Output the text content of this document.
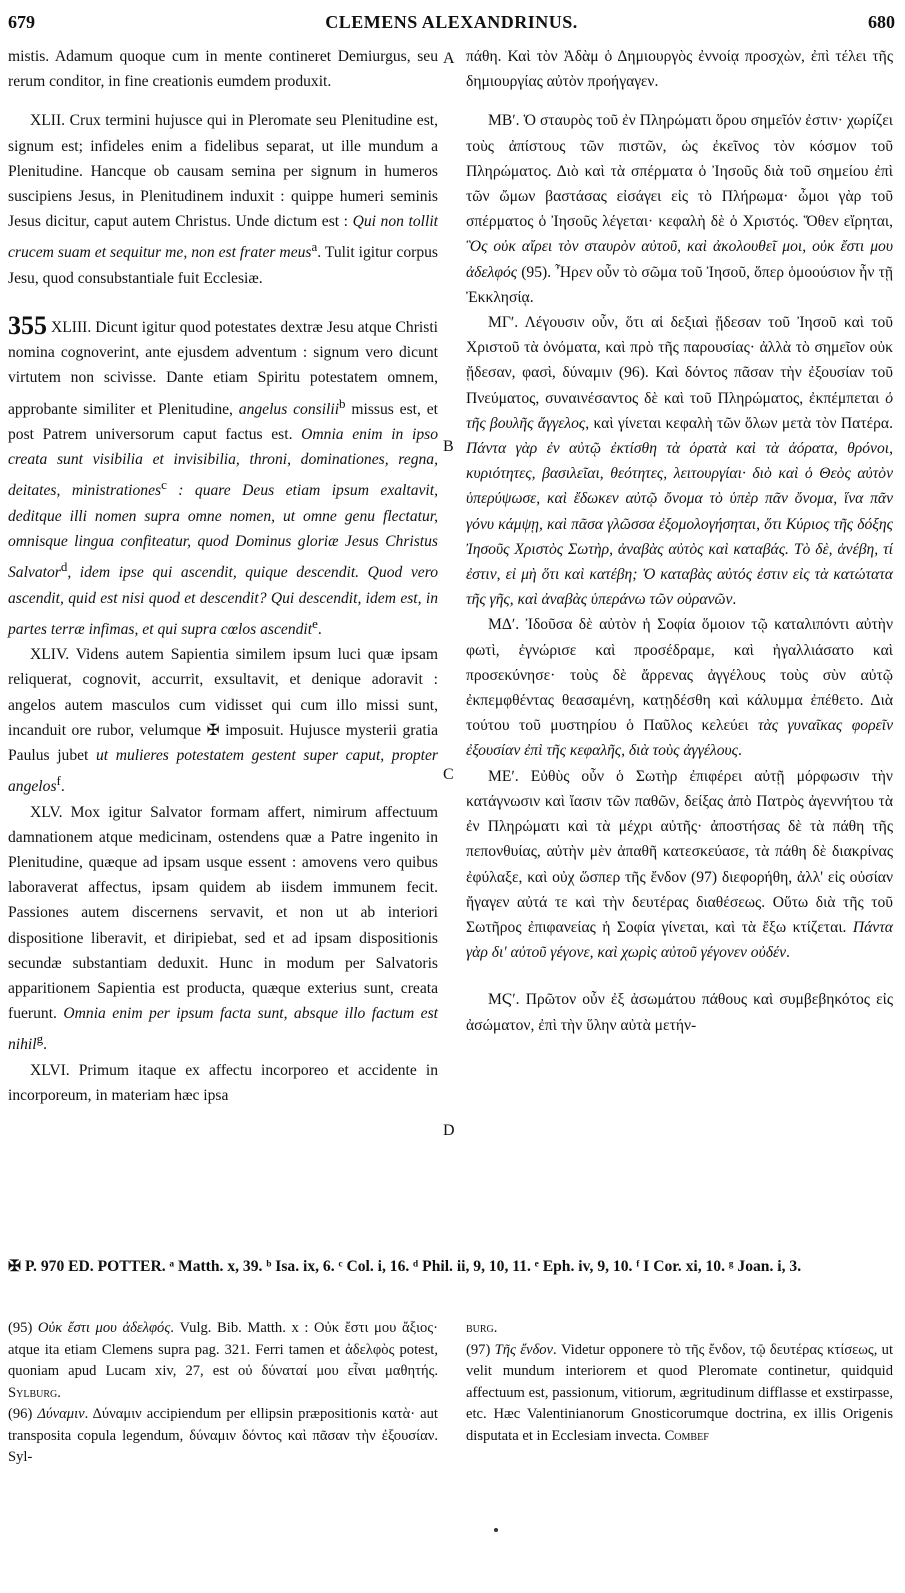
679	CLEMENS ALEXANDRINUS.	680
A
B
C
D

mistis. Adamum quoque cum in mente contineret Demiurgus, seu rerum conditor, in fine creationis eumdem produxit.

XLII. Crux termini hujusce qui in Pleromate seu Plenitudine est, signum est; infideles enim a fidelibus separat, ut ille mundum a Plenitudine. Hancque ob causam semina per signum in humeros suscipiens Jesus, in Plenitudinem induxit : quippe humeri seminis Jesus dicitur, caput autem Christus. Unde dictum est : Qui non tollit crucem suam et sequitur me, non est frater meus$^a$. Tulit igitur corpus Jesu, quod consubstantiale fuit Ecclesiæ.

355 XLIII. Dicunt igitur quod potestates dextræ Jesu atque Christi nomina cognoverint, ante ejusdem adventum : signum vero dicunt virtutem non scivisse. Dante etiam Spiritu potestatem omnem, approbante similiter et Plenitudine, angelus consilii$^b$ missus est, et post Patrem universorum caput factus est. Omnia enim in ipso creata sunt visibilia et invisibilia, throni, dominationes, regna, deitates, ministrationes$^c$ : quare Deus etiam ipsum exaltavit, deditque illi nomen supra omne nomen, ut omne genu flectatur, omnisque lingua confiteatur, quod Dominus gloriæ Jesus Christus Salvator$^d$, idem ipse qui ascendit, quique descendit. Quod vero ascendit, quid est nisi quod et descendit? Qui descendit, idem est, in partes terræ infimas, et qui supra cœlos ascendit$^e$.

XLIV. Videns autem Sapientia similem ipsum luci quæ ipsam reliquerat, cognovit, accurrit, exsultavit, et denique adoravit : angelos autem masculos cum vidisset qui cum illo missi sunt, incanduit ore rubor, velumque ✠ imposuit. Hujusce mysterii gratia Paulus jubet ut mulieres potestatem gestent super caput, propter angelos$^f$.

XLV. Mox igitur Salvator formam affert, nimirum affectuum damnationem atque medicinam, ostendens quæ a Patre ingenito in Plenitudine, quæque ad ipsam usque essent : amovens vero quibus laboraverat affectus, ipsam quidem ab iisdem immunem fecit. Passiones autem discernens servavit, et non ut ab interiori dispositione liberavit, et diripiebat, sed et ad ipsam dispositionis secundæ substantiam deduxit. Hunc in modum per Salvatoris apparitionem Sapientia est producta, quæque exterius sunt, creata fuerunt. Omnia enim per ipsum facta sunt, absque illo factum est nihil$^g$.

XLVI. Primum itaque ex affectu incorporeo et accidente in incorporeum, in materiam hæc ipsa

πάθη. Καὶ τὸν Ἀδὰμ ὁ Δημιουργὸς ἐννοίᾳ προσχὼν, ἐπὶ τέλει τῆς δημιουργίας αὐτὸν προήγαγεν.

ΜΒʹ. Ὁ σταυρὸς τοῦ ἐν Πληρώματι ὅρου σημεῖόν ἐστιν· χωρίζει τοὺς ἀπίστους τῶν πιστῶν, ὡς ἐκεῖνος τὸν κόσμον τοῦ Πληρώματος. Διὸ καὶ τὰ σπέρματα ὁ Ἰησοῦς διὰ τοῦ σημείου ἐπὶ τῶν ὤμων βαστάσας εἰσάγει εἰς τὸ Πλήρωμα· ὦμοι γὰρ τοῦ σπέρματος ὁ Ἰησοῦς λέγεται· κεφαλὴ δὲ ὁ Χριστός. Ὅθεν εἴρηται, Ὃς οὐκ αἴρει τὸν σταυρὸν αὐτοῦ, καὶ ἀκολουθεῖ μοι, οὐκ ἔστι μου ἀδελφός (95). Ἦρεν οὖν τὸ σῶμα τοῦ Ἰησοῦ, ὅπερ ὁμοούσιον ἦν τῇ Ἐκκλησίᾳ.

ΜΓʹ. Λέγουσιν οὖν, ὅτι αἱ δεξιαὶ ᾔδεσαν τοῦ Ἰησοῦ καὶ τοῦ Χριστοῦ τὰ ὀνόματα, καὶ πρὸ τῆς παρουσίας· ἀλλὰ τὸ σημεῖον οὐκ ᾔδεσαν, φασὶ, δύναμιν (96). Καὶ δόντος πᾶσαν τὴν ἐξουσίαν τοῦ Πνεύματος, συναινέσαντος δὲ καὶ τοῦ Πληρώματος, ἐκπέμπεται ὁ τῆς βουλῆς ἄγγελος, καὶ γίνεται κεφαλὴ τῶν ὅλων μετὰ τὸν Πατέρα. Πάντα γὰρ ἐν αὐτῷ ἐκτίσθη τὰ ὁρατὰ καὶ τὰ ἀόρατα, θρόνοι, κυριότητες, βασιλεῖαι, θεότητες, λειτουργίαι· διὸ καὶ ὁ Θεὸς αὐτὸν ὑπερύψωσε, καὶ ἔδωκεν αὐτῷ ὄνομα τὸ ὑπὲρ πᾶν ὄνομα, ἵνα πᾶν γόνυ κάμψῃ, καὶ πᾶσα γλῶσσα ἐξομολογήσηται, ὅτι Κύριος τῆς δόξης Ἰησοῦς Χριστὸς Σωτὴρ, ἀναβὰς αὐτὸς καὶ καταβάς. Τὸ δὲ, ἀνέβη, τί ἐστιν, εἰ μὴ ὅτι καὶ κατέβη; Ὁ καταβὰς αὐτός ἐστιν εἰς τὰ κατώτατα τῆς γῆς, καὶ ἀναβὰς ὑπεράνω τῶν οὐρανῶν.

ΜΔʹ. Ἰδοῦσα δὲ αὐτὸν ἡ Σοφία ὅμοιον τῷ καταλιπόντι αὐτὴν φωτὶ, ἐγνώρισε καὶ προσέδραμε, καὶ ἠγαλλιάσατο καὶ προσεκύνησε· τοὺς δὲ ἄρρενας ἀγγέλους τοὺς σὺν αὐτῷ ἐκπεμφθέντας θεασαμένη, κατῃδέσθη καὶ κάλυμμα ἐπέθετο. Διὰ τούτου τοῦ μυστηρίου ὁ Παῦλος κελεύει τὰς γυναῖκας φορεῖν ἐξουσίαν ἐπὶ τῆς κεφαλῆς, διὰ τοὺς ἀγγέλους.

ΜΕʹ. Εὐθὺς οὖν ὁ Σωτὴρ ἐπιφέρει αὐτῇ μόρφωσιν τὴν κατάγνωσιν καὶ ἴασιν τῶν παθῶν, δείξας ἀπὸ Πατρὸς ἀγεννήτου τὰ ἐν Πληρώματι καὶ τὰ μέχρι αὐτῆς· ἀποστήσας δὲ τὰ πάθη τῆς πεπονθυίας, αὐτὴν μὲν ἀπαθῆ κατεσκεύασε, τὰ πάθη δὲ διακρίνας ἐφύλαξε, καὶ οὐχ ὥσπερ τῆς ἔνδον (97) διεφορήθη, ἀλλ' εἰς οὐσίαν ἤγαγεν αὐτά τε καὶ τὴν δευτέρας διαθέσεως. Οὕτω διὰ τῆς τοῦ Σωτῆρος ἐπιφανείας ἡ Σοφία γίνεται, καὶ τὰ ἔξω κτίζεται. Πάντα γὰρ δι' αὐτοῦ γέγονε, καὶ χωρὶς αὐτοῦ γέγονεν οὐδέν.

ΜϚʹ. Πρῶτον οὖν ἐξ ἀσωμάτου πάθους καὶ συμβεβηκότος εἰς ἀσώματον, ἐπὶ τὴν ὕλην αὐτὰ μετήν-

✠ P. 970 ED. POTTER. ᵃ Matth. x, 39. ᵇ Isa. ix, 6. ᶜ Col. i, 16. ᵈ Phil. ii, 9, 10, 11. ᵉ Eph. iv, 9, 10. ᶠ I Cor. xi, 10. ᵍ Joan. i, 3.

(95) Οὐκ ἔστι μου ἀδελφός. Vulg. Bib. Matth. x : Οὐκ ἔστι μου ἄξιος· atque ita etiam Clemens supra pag. 321. Ferri tamen et ἀδελφὸς potest, quoniam apud Lucam xiv, 27, est οὐ δύναταί μου εἶναι μαθητής. Sylburg.

(96) Δύναμιν. Δύναμιν accipiendum per ellipsin præpositionis κατὰ· aut transposita copula legendum, δύναμιν δόντος καὶ πᾶσαν τὴν ἐξουσίαν. Syl-

burg.

(97) Τῆς ἔνδον. Videtur opponere τὸ τῆς ἔνδον, τῷ δευτέρας κτίσεως, ut velit mundum interiorem et quod Pleromate continetur, quidquid affectuum est, passionum, vitiorum, ægritudinum difflasse et exstirpasse, etc. Hæc Valentinianorum Gnosticorumque doctrina, ex illis Origenis disputata et in Ecclesiam invecta. Combef
